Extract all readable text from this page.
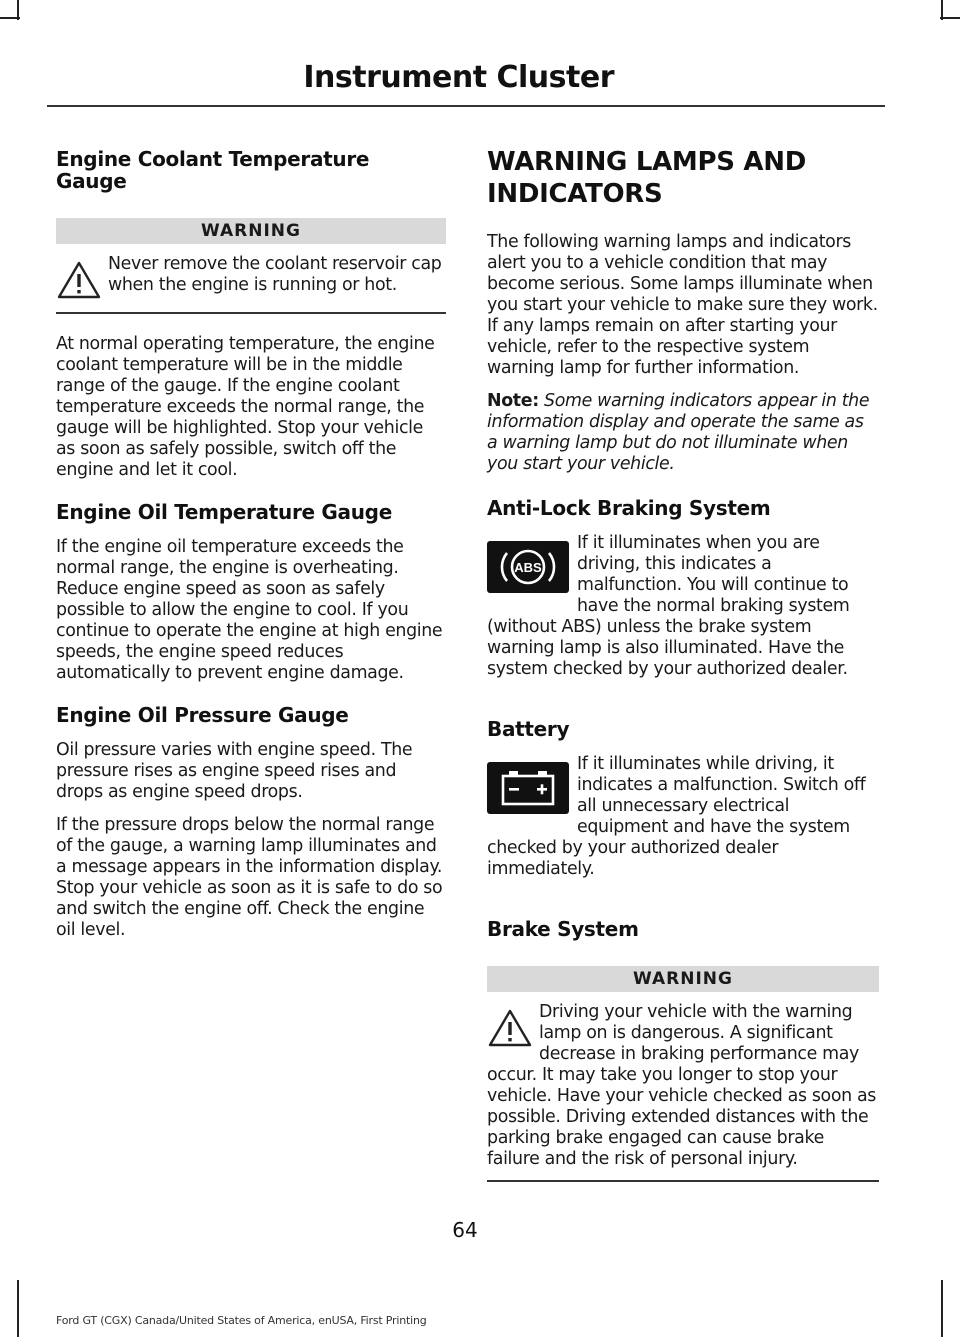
Instrument Cluster
Engine Coolant Temperature Gauge
WARNING

Never remove the coolant reservoir cap when the engine is running or hot.

At normal operating temperature, the engine coolant temperature will be in the middle range of the gauge. If the engine coolant temperature exceeds the normal range, the gauge will be highlighted. Stop your vehicle as soon as safely possible, switch off the engine and let it cool.

Engine Oil Temperature Gauge

If the engine oil temperature exceeds the normal range, the engine is overheating. Reduce engine speed as soon as safely possible to allow the engine to cool. If you continue to operate the engine at high engine speeds, the engine speed reduces automatically to prevent engine damage.

Engine Oil Pressure Gauge

Oil pressure varies with engine speed. The pressure rises as engine speed rises and drops as engine speed drops.

If the pressure drops below the normal range of the gauge, a warning lamp illuminates and a message appears in the information display. Stop your vehicle as soon as it is safe to do so and switch the engine off. Check the engine oil level.

WARNING LAMPS AND INDICATORS

The following warning lamps and indicators alert you to a vehicle condition that may become serious. Some lamps illuminate when you start your vehicle to make sure they work. If any lamps remain on after starting your vehicle, refer to the respective system warning lamp for further information.

Note: Some warning indicators appear in the information display and operate the same as a warning lamp but do not illuminate when you start your vehicle.

Anti-Lock Braking System
ABS

If it illuminates when you are driving, this indicates a malfunction. You will continue to have the normal braking system (without ABS) unless the brake system warning lamp is also illuminated. Have the system checked by your authorized dealer.

Battery

If it illuminates while driving, it indicates a malfunction. Switch off all unnecessary electrical equipment and have the system checked by your authorized dealer immediately.

Brake System
WARNING

Driving your vehicle with the warning lamp on is dangerous. A significant decrease in braking performance may occur. It may take you longer to stop your vehicle. Have your vehicle checked as soon as possible. Driving extended distances with the parking brake engaged can cause brake failure and the risk of personal injury.

64
Ford GT (CGX) Canada/United States of America, enUSA, First Printing
